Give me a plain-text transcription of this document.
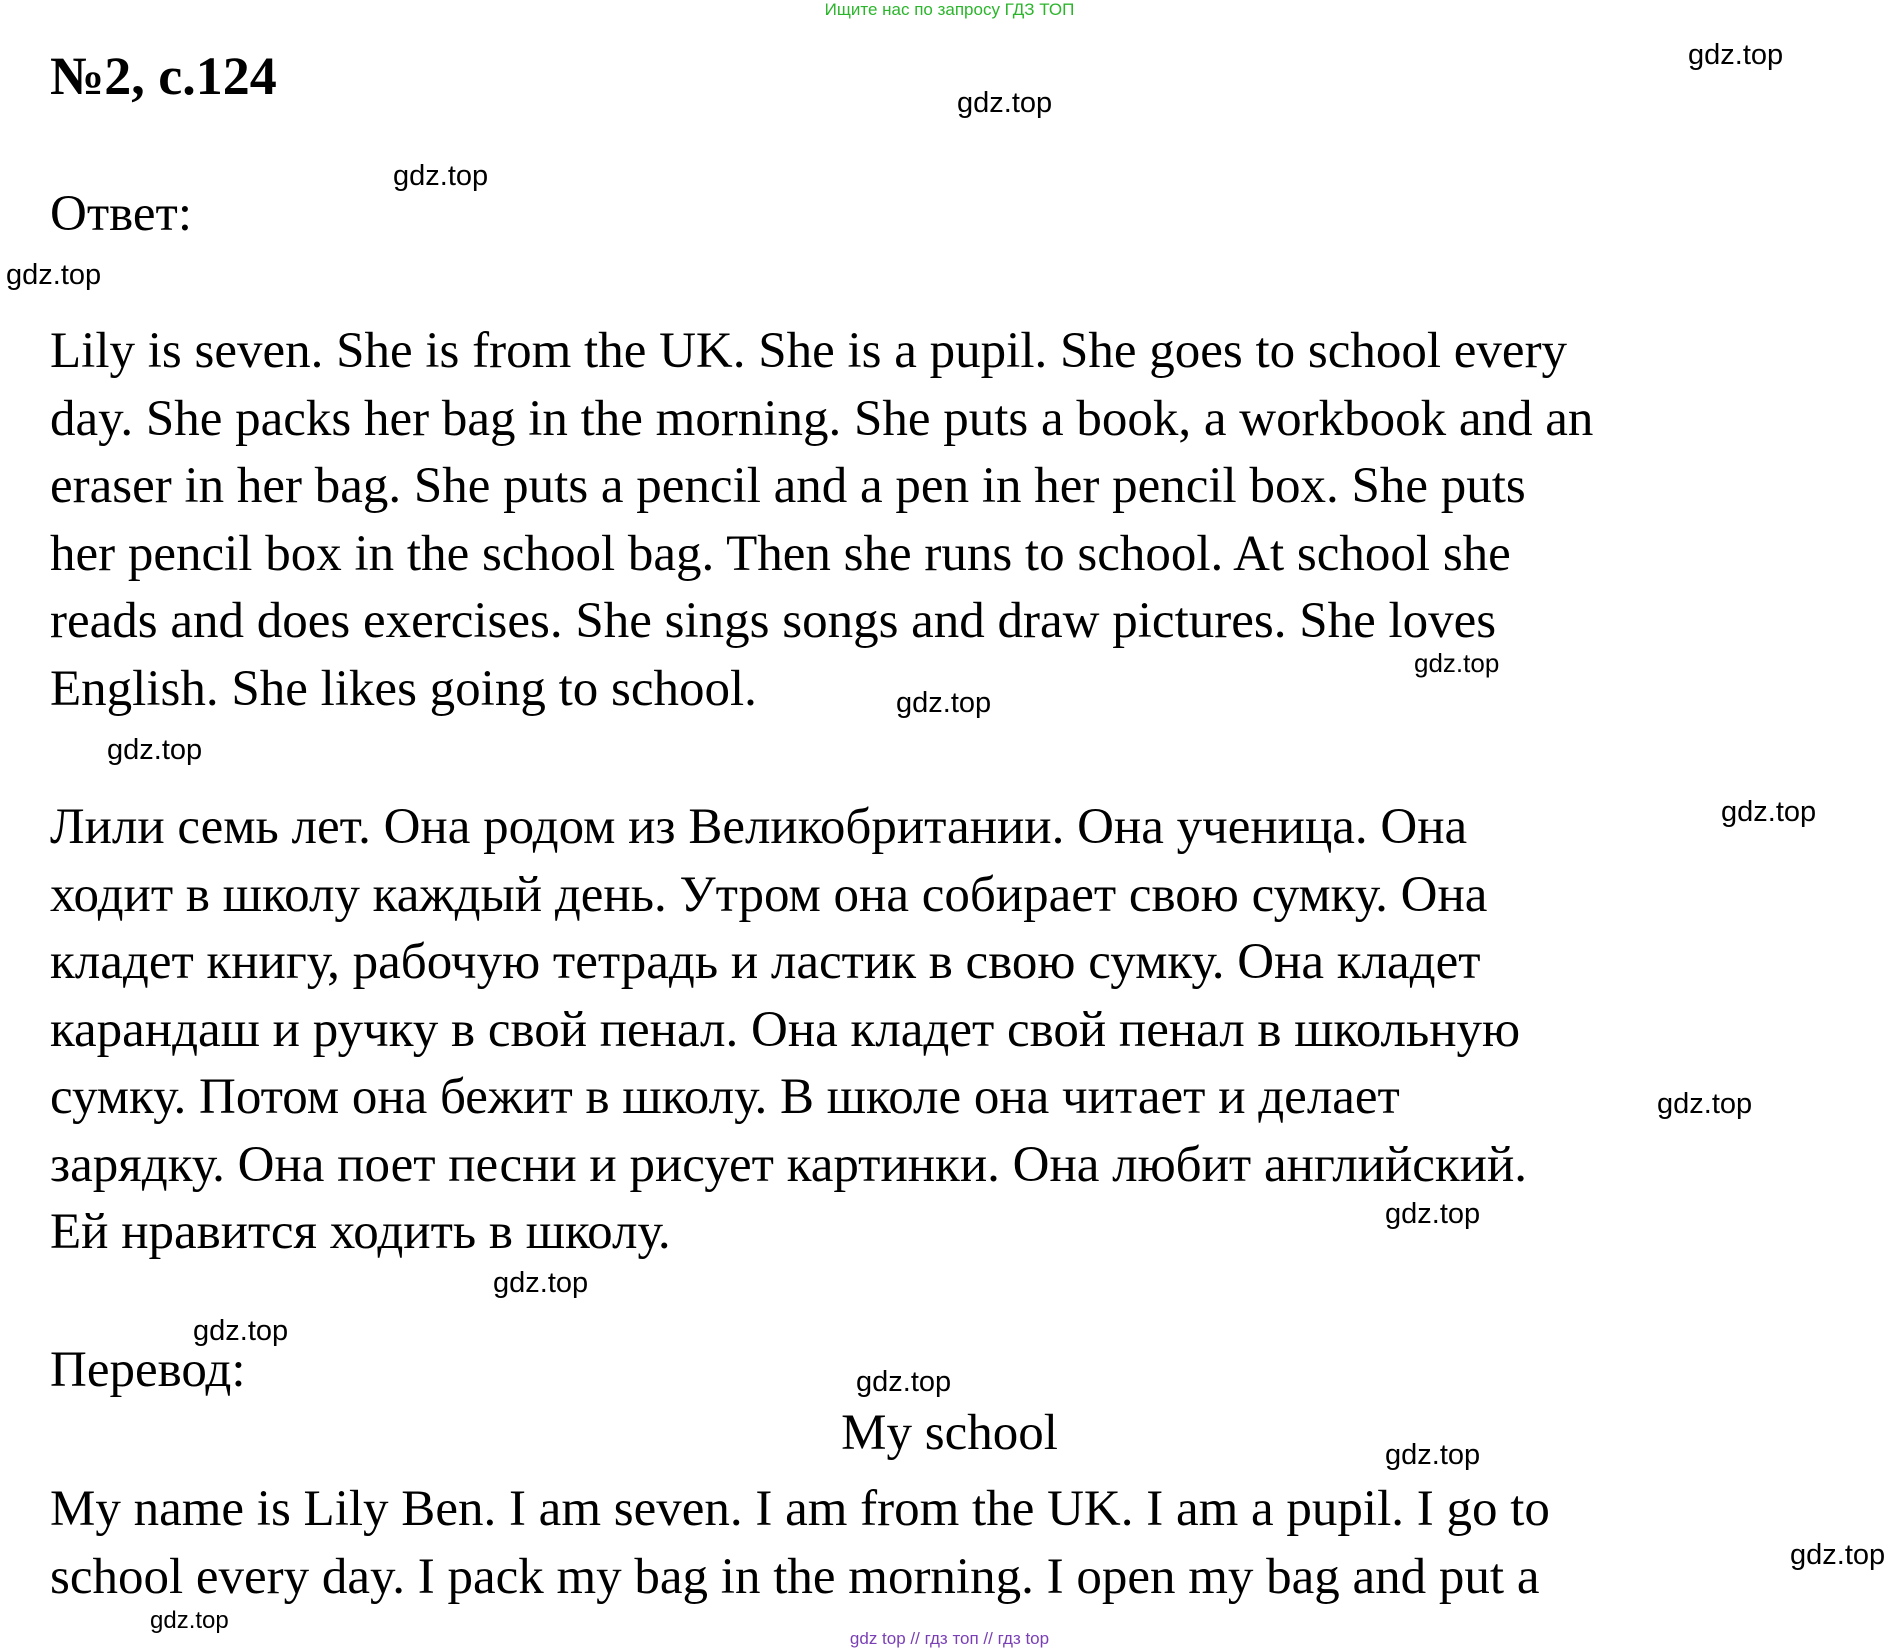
Ищите нас по запросу ГДЗ ТОП
№2, с.124
Ответ:
Lily is seven. She is from the UK. She is a pupil. She goes to school every
day. She packs her bag in the morning. She puts a book, a workbook and an
eraser in her bag. She puts a pencil and a pen in her pencil box. She puts
her pencil box in the school bag. Then she runs to school. At school she
reads and does exercises. She sings songs and draw pictures. She loves
English. She likes going to school.
Лили семь лет. Она родом из Великобритании. Она ученица. Она
ходит в школу каждый день. Утром она собирает свою сумку. Она
кладет книгу, рабочую тетрадь и ластик в свою сумку. Она кладет
карандаш и ручку в свой пенал. Она кладет свой пенал в школьную
сумку. Потом она бежит в школу. В школе она читает и делает
зарядку. Она поет песни и рисует картинки. Она любит английский.
Ей нравится ходить в школу.
Перевод:
My school
My name is Lily Ben. I am seven. I am from the UK. I am a pupil. I go to
school every day. I pack my bag in the morning. I open my bag and put a
gdz.top
gdz.top
gdz.top
gdz.top
gdz.top
gdz.top
gdz.top
gdz.top
gdz.top
gdz.top
gdz.top
gdz.top
gdz.top
gdz.top
gdz.top
gdz.top
gdz top // гдз топ // гдз top
